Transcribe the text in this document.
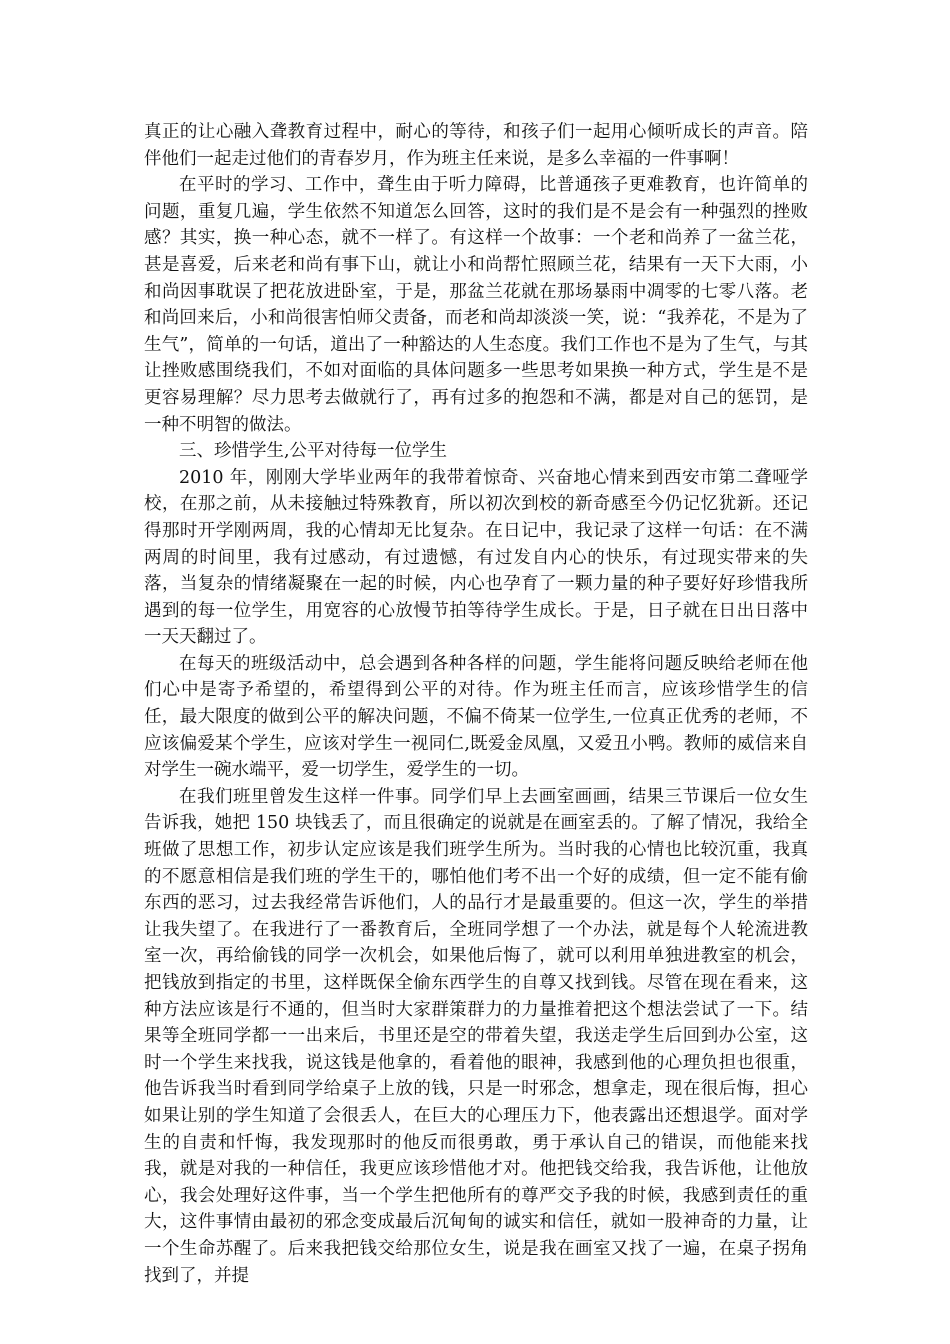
真正的让心融入聋教育过程中，耐心的等待，和孩子们一起用心倾听成长的声音。陪伴他们一起走过他们的青春岁月，作为班主任来说，是多么幸福的一件事啊！

在平时的学习、工作中，聋生由于听力障碍，比普通孩子更难教育，也许简单的问题，重复几遍，学生依然不知道怎么回答，这时的我们是不是会有一种强烈的挫败感？其实，换一种心态，就不一样了。有这样一个故事：一个老和尚养了一盆兰花，甚是喜爱，后来老和尚有事下山，就让小和尚帮忙照顾兰花，结果有一天下大雨，小和尚因事耽误了把花放进卧室，于是，那盆兰花就在那场暴雨中凋零的七零八落。老和尚回来后，小和尚很害怕师父责备，而老和尚却淡淡一笑，说：“我养花，不是为了生气”，简单的一句话，道出了一种豁达的人生态度。我们工作也不是为了生气，与其让挫败感围绕我们，不如对面临的具体问题多一些思考如果换一种方式，学生是不是更容易理解？尽力思考去做就行了，再有过多的抱怨和不满，都是对自己的惩罚，是一种不明智的做法。

三、珍惜学生,公平对待每一位学生

2010 年，刚刚大学毕业两年的我带着惊奇、兴奋地心情来到西安市第二聋哑学校，在那之前，从未接触过特殊教育，所以初次到校的新奇感至今仍记忆犹新。还记得那时开学刚两周，我的心情却无比复杂。在日记中，我记录了这样一句话：在不满两周的时间里，我有过感动，有过遗憾，有过发自内心的快乐，有过现实带来的失落，当复杂的情绪凝聚在一起的时候，内心也孕育了一颗力量的种子要好好珍惜我所遇到的每一位学生，用宽容的心放慢节拍等待学生成长。于是，日子就在日出日落中一天天翻过了。

在每天的班级活动中，总会遇到各种各样的问题，学生能将问题反映给老师在他们心中是寄予希望的，希望得到公平的对待。作为班主任而言，应该珍惜学生的信任，最大限度的做到公平的解决问题，不偏不倚某一位学生,一位真正优秀的老师，不应该偏爱某个学生，应该对学生一视同仁,既爱金凤凰，又爱丑小鸭。教师的威信来自对学生一碗水端平，爱一切学生，爱学生的一切。

在我们班里曾发生这样一件事。同学们早上去画室画画，结果三节课后一位女生告诉我，她把 150 块钱丢了，而且很确定的说就是在画室丢的。了解了情况，我给全班做了思想工作，初步认定应该是我们班学生所为。当时我的心情也比较沉重，我真的不愿意相信是我们班的学生干的，哪怕他们考不出一个好的成绩，但一定不能有偷东西的恶习，过去我经常告诉他们，人的品行才是最重要的。但这一次，学生的举措让我失望了。在我进行了一番教育后，全班同学想了一个办法，就是每个人轮流进教室一次，再给偷钱的同学一次机会，如果他后悔了，就可以利用单独进教室的机会，把钱放到指定的书里，这样既保全偷东西学生的自尊又找到钱。尽管在现在看来，这种方法应该是行不通的，但当时大家群策群力的力量推着把这个想法尝试了一下。结果等全班同学都一一出来后，书里还是空的带着失望，我送走学生后回到办公室，这时一个学生来找我，说这钱是他拿的，看着他的眼神，我感到他的心理负担也很重，他告诉我当时看到同学给桌子上放的钱，只是一时邪念，想拿走，现在很后悔，担心如果让别的学生知道了会很丢人，在巨大的心理压力下，他表露出还想退学。面对学生的自责和忏悔，我发现那时的他反而很勇敢，勇于承认自己的错误，而他能来找我，就是对我的一种信任，我更应该珍惜他才对。他把钱交给我，我告诉他，让他放心，我会处理好这件事，当一个学生把他所有的尊严交予我的时候，我感到责任的重大，这件事情由最初的邪念变成最后沉甸甸的诚实和信任，就如一股神奇的力量，让一个生命苏醒了。后来我把钱交给那位女生，说是我在画室又找了一遍，在桌子拐角找到了，并提
